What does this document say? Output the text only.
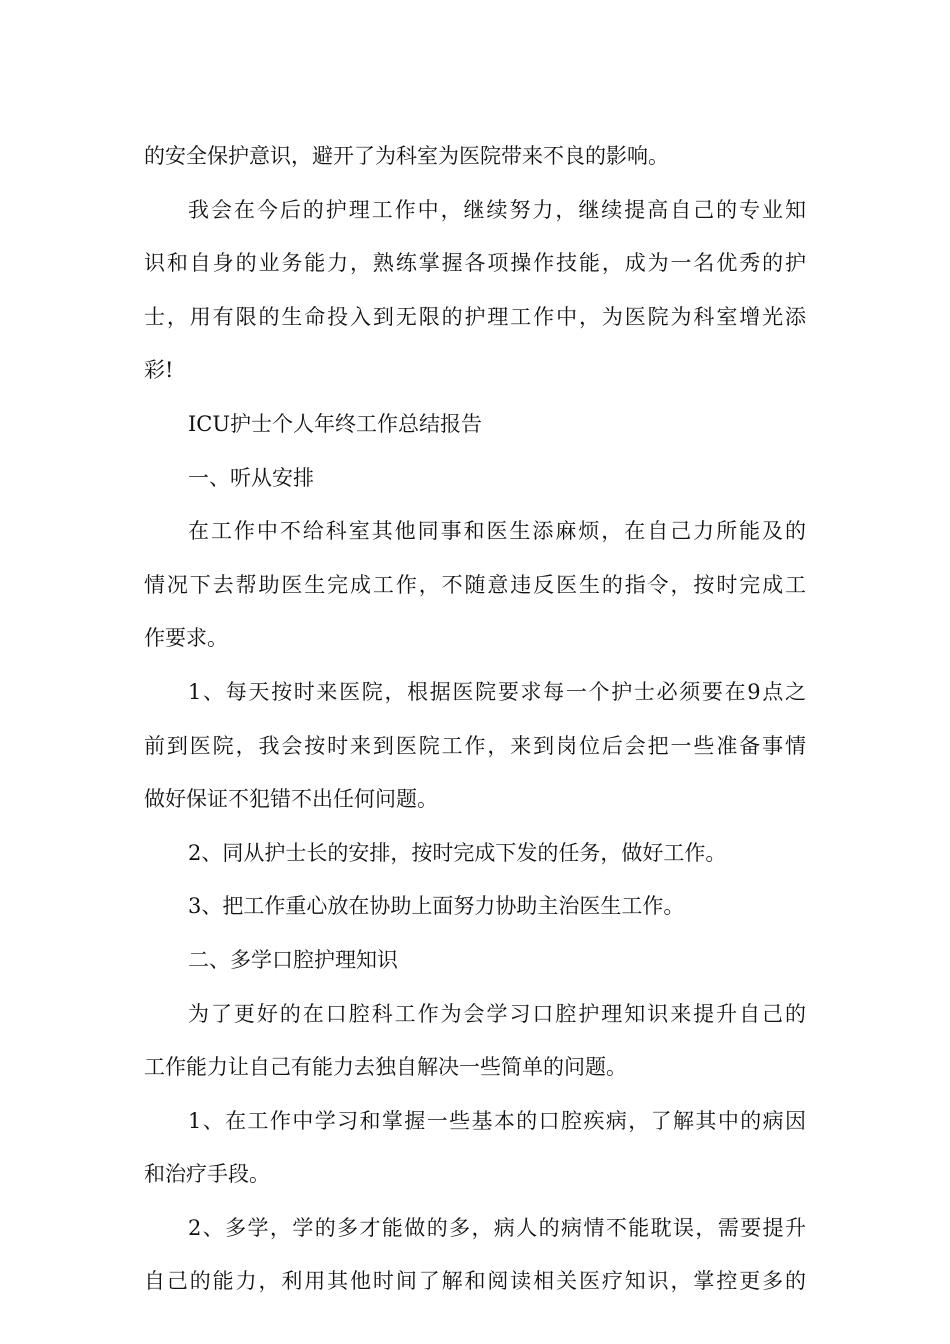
的安全保护意识，避开了为科室为医院带来不良的影响。
我会在今后的护理工作中，继续努力，继续提高自己的专业知
识和自身的业务能力，熟练掌握各项操作技能，成为一名优秀的护
士，用有限的生命投入到无限的护理工作中，为医院为科室增光添
彩!
ICU护士个人年终工作总结报告
一、听从安排
在工作中不给科室其他同事和医生添麻烦，在自己力所能及的
情况下去帮助医生完成工作，不随意违反医生的指令，按时完成工
作要求。
1、每天按时来医院，根据医院要求每一个护士必须要在9点之
前到医院，我会按时来到医院工作，来到岗位后会把一些准备事情
做好保证不犯错不出任何问题。
2、同从护士长的安排，按时完成下发的任务，做好工作。
3、把工作重心放在协助上面努力协助主治医生工作。
二、多学口腔护理知识
为了更好的在口腔科工作为会学习口腔护理知识来提升自己的
工作能力让自己有能力去独自解决一些简单的问题。
1、在工作中学习和掌握一些基本的口腔疾病，了解其中的病因
和治疗手段。
2、多学，学的多才能做的多，病人的病情不能耽误，需要提升
自己的能力，利用其他时间了解和阅读相关医疗知识，掌控更多的
